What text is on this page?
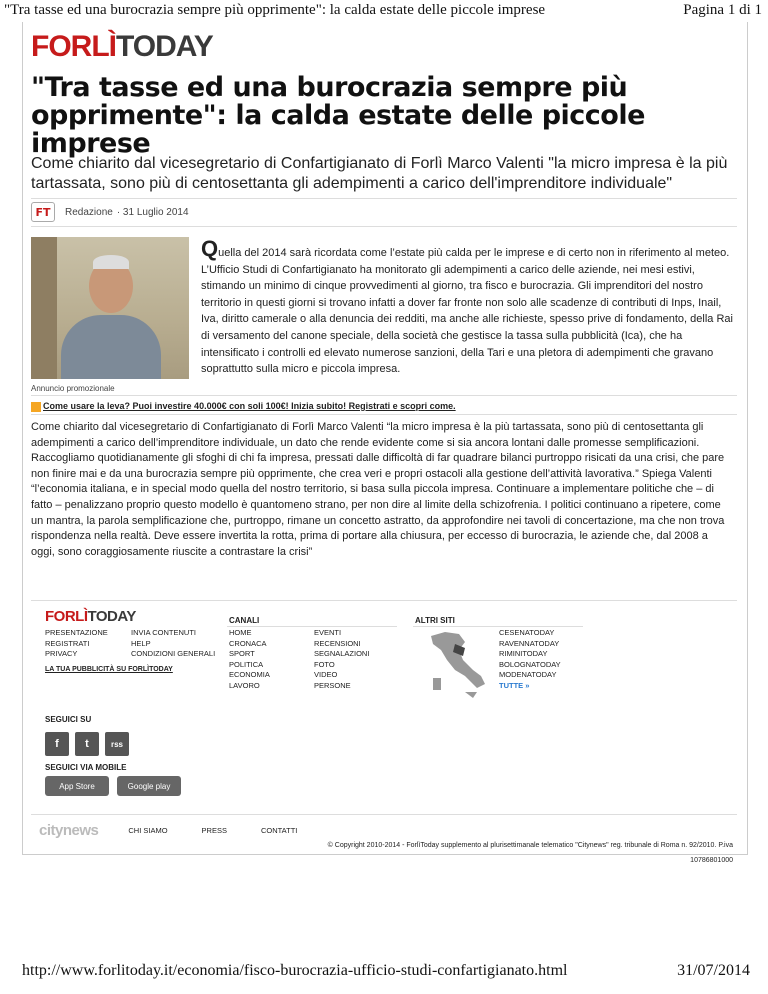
"Tra tasse ed una burocrazia sempre più opprimente": la calda estate delle piccole imprese	Pagina 1 di 1
FORLÌTODAY
"Tra tasse ed una burocrazia sempre più opprimente": la calda estate delle piccole imprese

Come chiarito dal vicesegretario di Confartigianato di Forlì Marco Valenti "la micro impresa è la più tartassata, sono più di centosettanta gli adempimenti a carico dell'imprenditore individuale"

FT	Redazione · 31 Luglio 2014

Quella del 2014 sarà ricordata come l’estate più calda per le imprese e di certo non in riferimento al meteo. L’Ufficio Studi di Confartigianato ha monitorato gli adempimenti a carico delle aziende, nei mesi estivi, stimando un minimo di cinque provvedimenti al giorno, tra fisco e burocrazia. Gli imprenditori del nostro territorio in questi giorni si trovano infatti a dover far fronte non solo alle scadenze di contributi di Inps, Inail, Iva, diritto camerale o alla denuncia dei redditi, ma anche alle richieste, spesso prive di fondamento, della Rai di versamento del canone speciale, della società che gestisce la tassa sulla pubblicità (Ica), che ha intensificato i controlli ed elevato numerose sanzioni, della Tari e una pletora di adempimenti che gravano soprattutto sulla micro e piccola impresa.

Annuncio promozionale
Come usare la leva? Puoi investire 40.000€ con soli 100€! Inizia subito! Registrati e scopri come.

Come chiarito dal vicesegretario di Confartigianato di Forlì Marco Valenti “la micro impresa è la più tartassata, sono più di centosettanta gli adempimenti a carico dell’imprenditore individuale, un dato che rende evidente come si sia ancora lontani dalle promesse semplificazioni. Raccogliamo quotidianamente gli sfoghi di chi fa impresa, pressati dalle difficoltà di far quadrare bilanci purtroppo risicati da una crisi, che pare non finire mai e da una burocrazia sempre più opprimente, che crea veri e propri ostacoli alla gestione dell’attività lavorativa.” Spiega Valenti “l’economia italiana, e in special modo quella del nostro territorio, si basa sulla piccola impresa. Continuare a implementare politiche che – di fatto – penalizzano proprio questo modello è quantomeno strano, per non dire al limite della schizofrenia. I politici continuano a ripetere, come un mantra, la parola semplificazione che, purtroppo, rimane un concetto astratto, da approfondire nei tavoli di concertazione, ma che non trova rispondenza nella realtà. Deve essere invertita la rotta, prima di portare alla chiusura, per eccesso di burocrazia, le aziende che, dal 2008 a oggi, sono coraggiosamente riuscite a contrastare la crisi”

FORLÌTODAY
PRESENTAZIONE
REGISTRATI
PRIVACY
INVIA CONTENUTI
HELP
CONDIZIONI GENERALI
LA TUA PUBBLICITÀ SU FORLÌTODAY
CANALI
HOME
CRONACA
SPORT
POLITICA
ECONOMIA
LAVORO
EVENTI
RECENSIONI
SEGNALAZIONI
FOTO
VIDEO
PERSONE
ALTRI SITI
CESENATODAY
RAVENNATODAY
RIMINITODAY
BOLOGNATODAY
MODENATODAY
TUTTE »
SEGUICI SU
f	t	rss
SEGUICI VIA MOBILE
App Store	Google play
citynews	CHI SIAMO	PRESS	CONTATTI
© Copyright 2010-2014 - ForlìToday supplemento al plurisettimanale telematico "Citynews" reg. tribunale di Roma n. 92/2010. P.iva
10786801000
http://www.forlitoday.it/economia/fisco-burocrazia-ufficio-studi-confartigianato.html	31/07/2014
